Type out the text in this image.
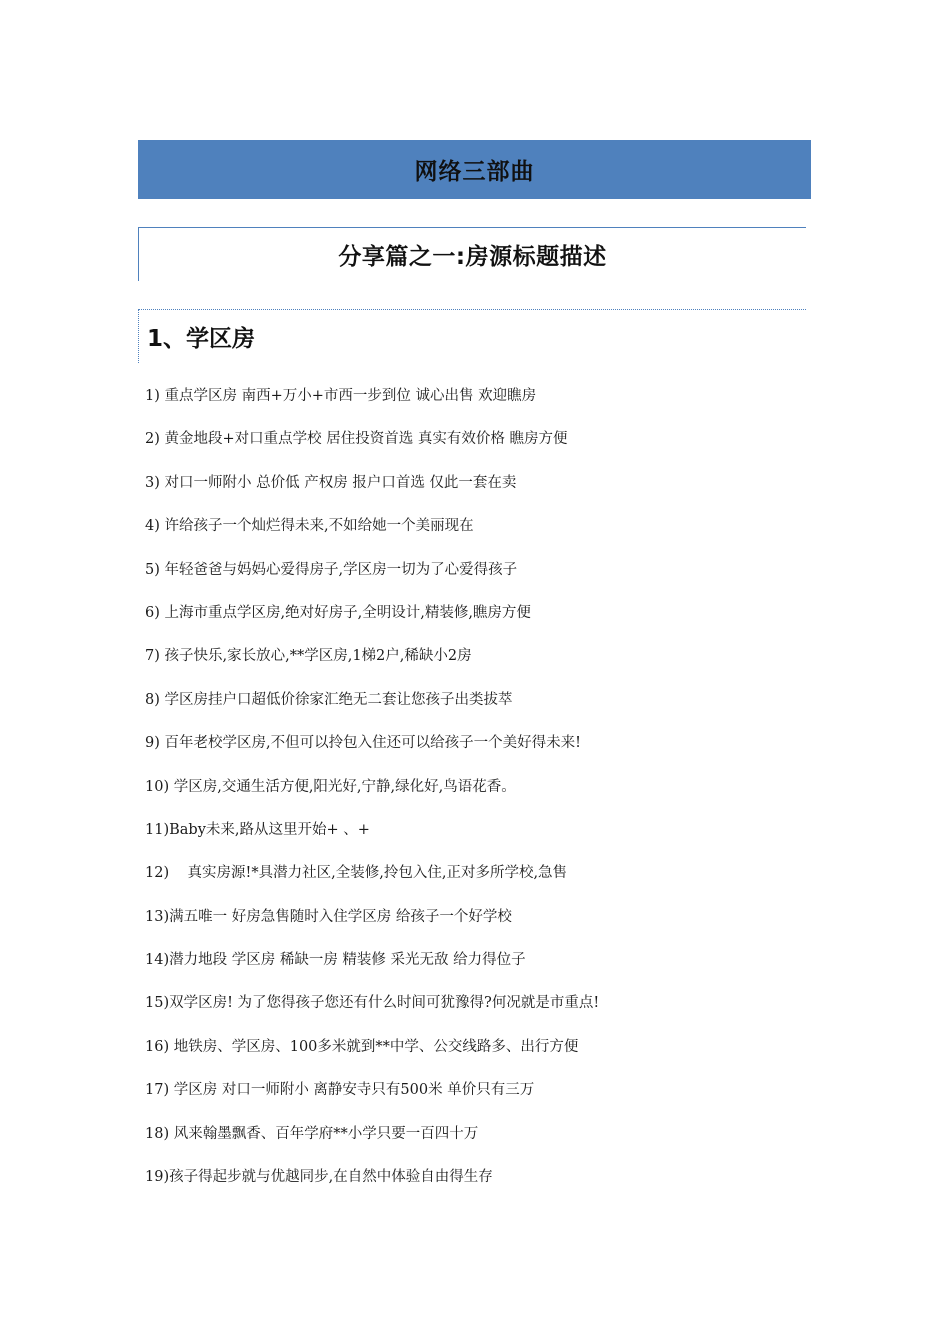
网络三部曲
分享篇之一:房源标题描述
1、学区房
1) 重点学区房 南西+万小+市西一步到位 诚心出售 欢迎瞧房
2) 黄金地段+对口重点学校 居住投资首选 真实有效价格 瞧房方便
3) 对口一师附小 总价低 产权房 报户口首选 仅此一套在卖
4) 许给孩子一个灿烂得未来,不如给她一个美丽现在
5) 年轻爸爸与妈妈心爱得房子,学区房一切为了心爱得孩子
6) 上海市重点学区房,绝对好房子,全明设计,精装修,瞧房方便
7) 孩子快乐,家长放心,**学区房,1梯2户,稀缺小2房
8) 学区房挂户口超低价徐家汇绝无二套让您孩子出类拔萃
9) 百年老校学区房,不但可以拎包入住还可以给孩子一个美好得未来!
10) 学区房,交通生活方便,阳光好,宁静,绿化好,鸟语花香。
11)Baby未来,路从这里开始+ 、+
12)    真实房源!*具潜力社区,全装修,拎包入住,正对多所学校,急售
13)满五唯一 好房急售随时入住学区房 给孩子一个好学校
14)潜力地段 学区房 稀缺一房 精装修 采光无敌 给力得位子
15)双学区房! 为了您得孩子您还有什么时间可犹豫得?何况就是市重点!
16) 地铁房、学区房、100多米就到**中学、公交线路多、出行方便
17) 学区房 对口一师附小 离静安寺只有500米 单价只有三万
18) 风来翰墨飘香、百年学府**小学只要一百四十万
19)孩子得起步就与优越同步,在自然中体验自由得生存
